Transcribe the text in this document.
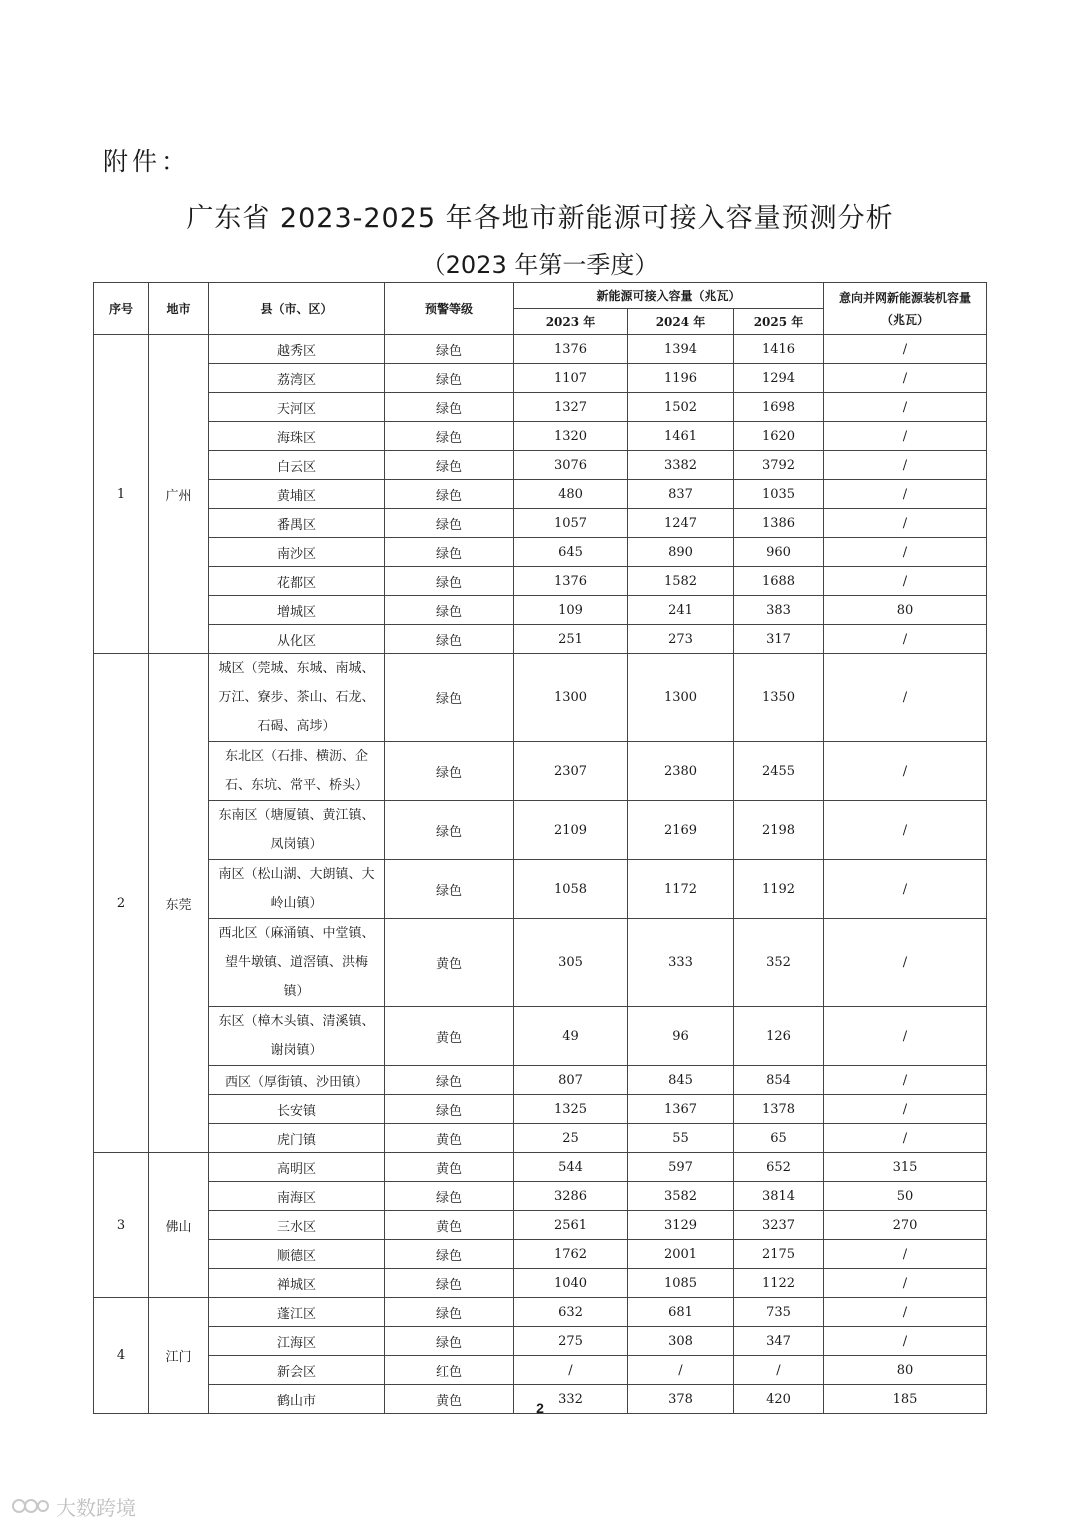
附件：
广东省 2023-2025 年各地市新能源可接入容量预测分析
（2023 年第一季度）
序号	地市	县（市、区）	预警等级	新能源可接入容量（兆瓦）			意向并网新能源装机容量（兆瓦）
				2023 年	2024 年	2025 年	
1	广州	越秀区	绿色	1376	1394	1416	/
		荔湾区	绿色	1107	1196	1294	/
		天河区	绿色	1327	1502	1698	/
		海珠区	绿色	1320	1461	1620	/
		白云区	绿色	3076	3382	3792	/
		黄埔区	绿色	480	837	1035	/
		番禺区	绿色	1057	1247	1386	/
		南沙区	绿色	645	890	960	/
		花都区	绿色	1376	1582	1688	/
		增城区	绿色	109	241	383	80
		从化区	绿色	251	273	317	/
2	东莞	城区（莞城、东城、南城、万江、寮步、茶山、石龙、石碣、高埗）	绿色	1300	1300	1350	/
		东北区（石排、横沥、企石、东坑、常平、桥头）	绿色	2307	2380	2455	/
		东南区（塘厦镇、黄江镇、凤岗镇）	绿色	2109	2169	2198	/
		南区（松山湖、大朗镇、大岭山镇）	绿色	1058	1172	1192	/
		西北区（麻涌镇、中堂镇、望牛墩镇、道滘镇、洪梅镇）	黄色	305	333	352	/
		东区（樟木头镇、清溪镇、谢岗镇）	黄色	49	96	126	/
		西区（厚街镇、沙田镇）	绿色	807	845	854	/
		长安镇	绿色	1325	1367	1378	/
		虎门镇	黄色	25	55	65	/
3	佛山	高明区	黄色	544	597	652	315
		南海区	绿色	3286	3582	3814	50
		三水区	黄色	2561	3129	3237	270
		顺德区	绿色	1762	2001	2175	/
		禅城区	绿色	1040	1085	1122	/
4	江门	蓬江区	绿色	632	681	735	/
		江海区	绿色	275	308	347	/
		新会区	红色	/	/	/	80
		鹤山市	黄色	332	378	420	185
2
大数跨境
